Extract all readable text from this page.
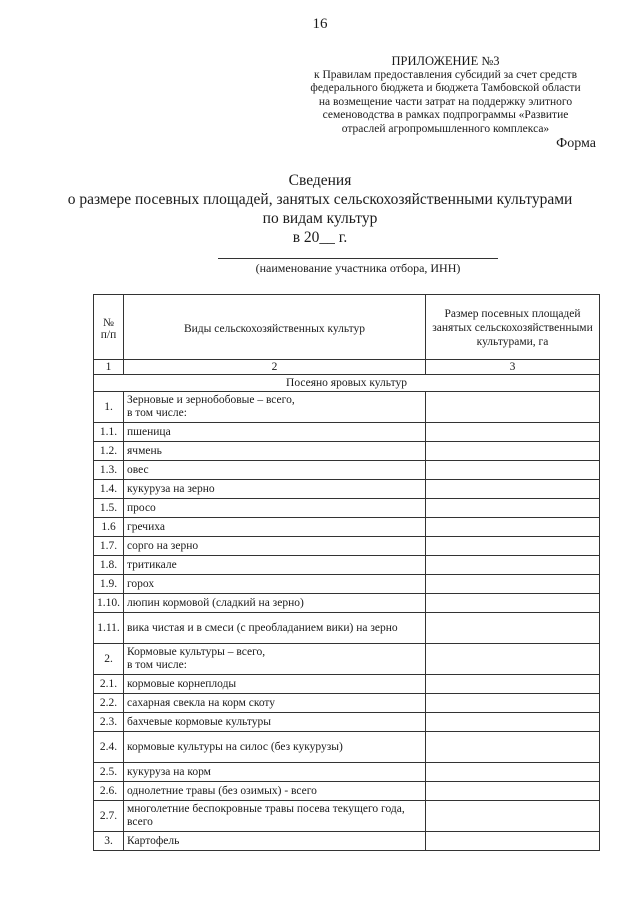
16
ПРИЛОЖЕНИЕ №3
к Правилам предоставления субсидий за счет средств
федерального бюджета и бюджета Тамбовской области
на возмещение части затрат на поддержку элитного
семеноводства в рамках подпрограммы «Развитие
отраслей агропромышленного комплекса»
Форма
Сведения
о размере посевных площадей, занятых сельскохозяйственными культурами
по видам культур
в 20__ г.
(наименование участника отбора, ИНН)
№ п/п	Виды сельскохозяйственных культур	Размер посевных площадей занятых сельскохозяйственными культурами, га
1	2	3
Посеяно яровых культур		
1.	Зерновые и зернобобовые – всего,
в том числе:	
1.1.	пшеница	
1.2.	ячмень	
1.3.	овес	
1.4.	кукуруза на зерно	
1.5.	просо	
1.6	гречиха	
1.7.	сорго на зерно	
1.8.	тритикале	
1.9.	горох	
1.10.	люпин кормовой (сладкий на зерно)	
1.11.	вика чистая и в смеси (с преобладанием вики) на зерно	
2.	Кормовые культуры – всего,
в том числе:	
2.1.	кормовые корнеплоды	
2.2.	сахарная свекла на корм скоту	
2.3.	бахчевые кормовые культуры	
2.4.	кормовые культуры на силос (без кукурузы)	
2.5.	кукуруза на корм	
2.6.	однолетние травы (без озимых) - всего	
2.7.	многолетние беспокровные травы посева текущего года, всего	
3.	Картофель	
